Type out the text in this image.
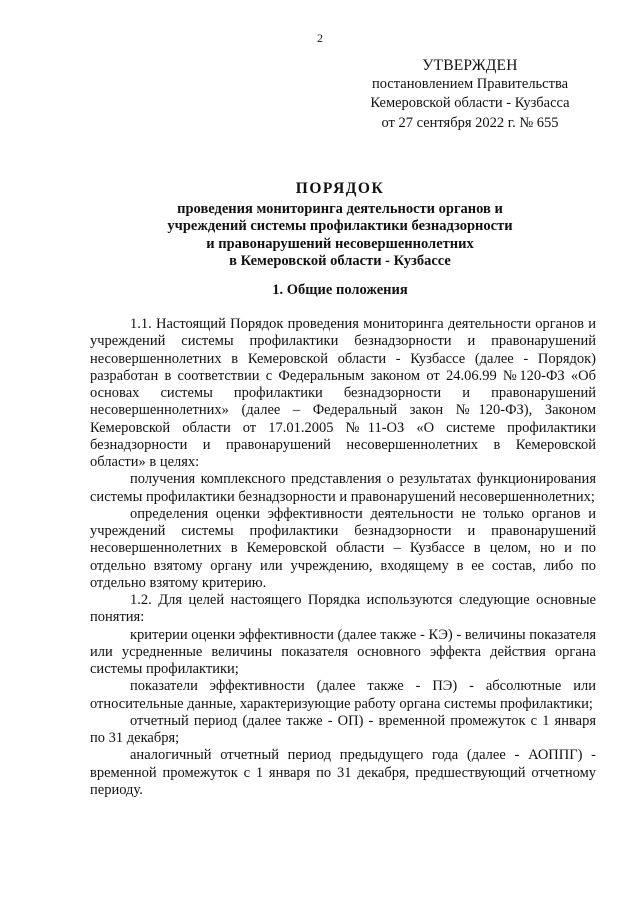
2
УТВЕРЖДЕН
постановлением Правительства
Кемеровской области - Кузбасса
от 27 сентября 2022 г. № 655
ПОРЯДОК
проведения мониторинга деятельности органов и
учреждений системы профилактики безнадзорности
и правонарушений несовершеннолетних
в Кемеровской области - Кузбассе
1. Общие положения

1.1. Настоящий Порядок проведения мониторинга деятельности органов и учреждений системы профилактики безнадзорности и правонарушений несовершеннолетних в Кемеровской области - Кузбассе (далее - Порядок) разработан в соответствии с Федеральным законом от 24.06.99 №120-ФЗ «Об основах системы профилактики безнадзорности и правонарушений несовершеннолетних» (далее – Федеральный закон №120-ФЗ), Законом Кемеровской области от 17.01.2005 №11-ОЗ «О системе профилактики безнадзорности и правонарушений несовершеннолетних в Кемеровской области» в целях:

получения комплексного представления о результатах функционирования системы профилактики безнадзорности и правонарушений несовершеннолетних;

определения оценки эффективности деятельности не только органов и учреждений системы профилактики безнадзорности и правонарушений несовершеннолетних в Кемеровской области – Кузбассе в целом, но и по отдельно взятому органу или учреждению, входящему в ее состав, либо по отдельно взятому критерию.

1.2. Для целей настоящего Порядка используются следующие основные понятия:

критерии оценки эффективности (далее также - КЭ) - величины показателя или усредненные величины показателя основного эффекта действия органа системы профилактики;

показатели эффективности (далее также - ПЭ) - абсолютные или относительные данные, характеризующие работу органа системы профилактики;

отчетный период (далее также - ОП) - временной промежуток с 1 января по 31 декабря;

аналогичный отчетный период предыдущего года (далее - АОППГ) - временной промежуток с 1 января по 31 декабря, предшествующий отчетному периоду.
